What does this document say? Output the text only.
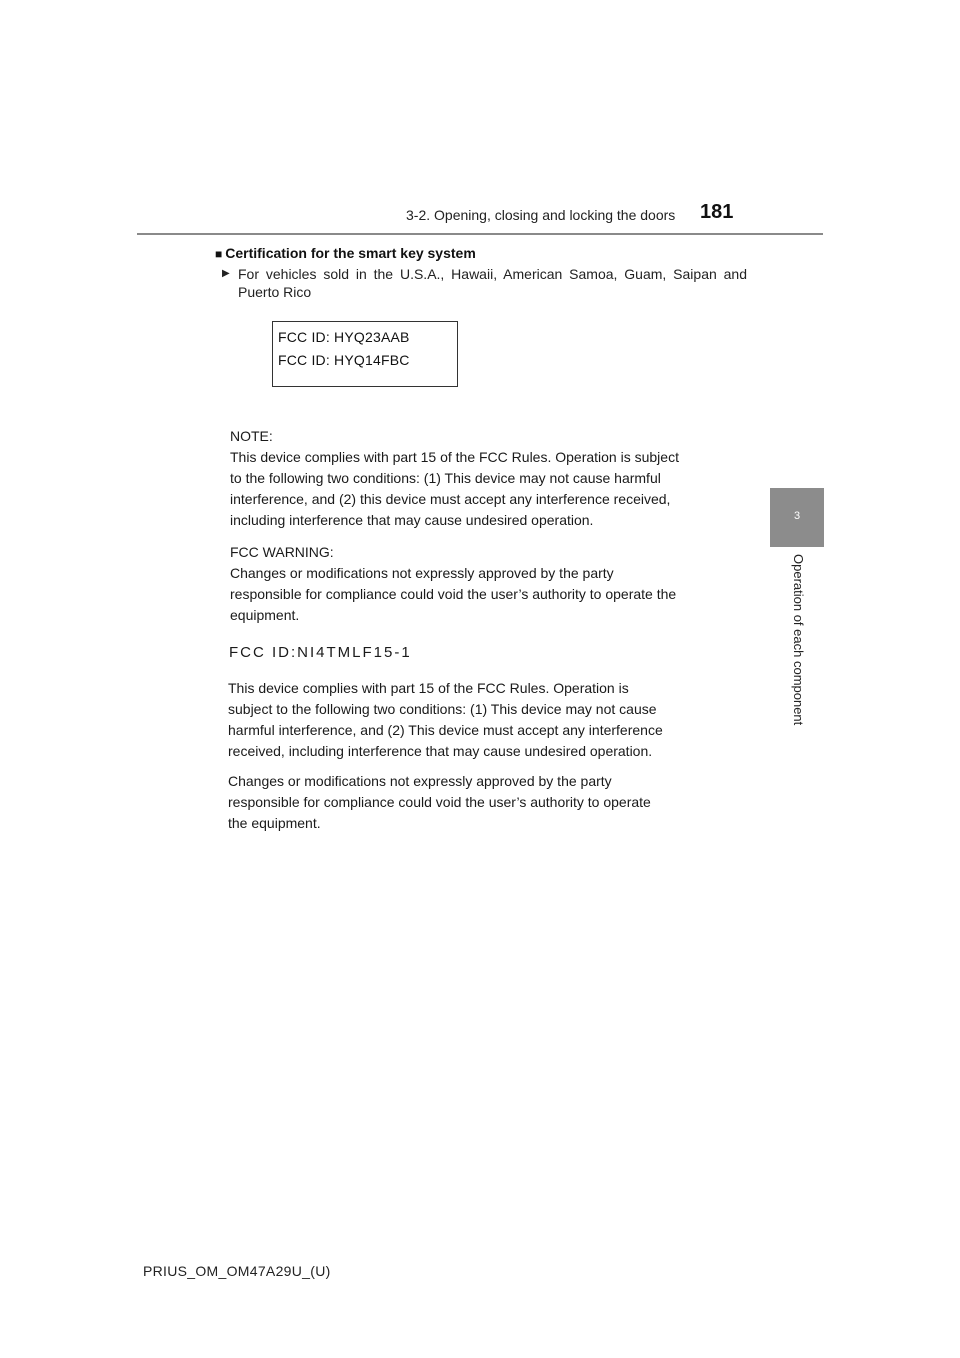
3-2. Opening, closing and locking the doors 181
3
Operation of each component
■ Certification for the smart key system
▶ For vehicles sold in the U.S.A., Hawaii, American Samoa, Guam, Saipan and Puerto Rico
FCC ID: HYQ23AAB
FCC ID: HYQ14FBC
NOTE:
This device complies with part 15 of the FCC Rules. Operation is subject
to the following two conditions: (1) This device may not cause harmful
interference, and (2) this device must accept any interference received,
including interference that may cause undesired operation.
FCC WARNING:
Changes or modifications not expressly approved by the party
responsible for compliance could void the user’s authority to operate the
equipment.
FCC ID:NI4TMLF15-1
This device complies with part 15 of the FCC Rules. Operation is
subject to the following two conditions: (1) This device may not cause
harmful interference, and (2) This device must accept any interference
received, including interference that may cause undesired operation.
Changes or modifications not expressly approved by the party
responsible for compliance could void the user’s authority to operate
the equipment.
PRIUS_OM_OM47A29U_(U)
